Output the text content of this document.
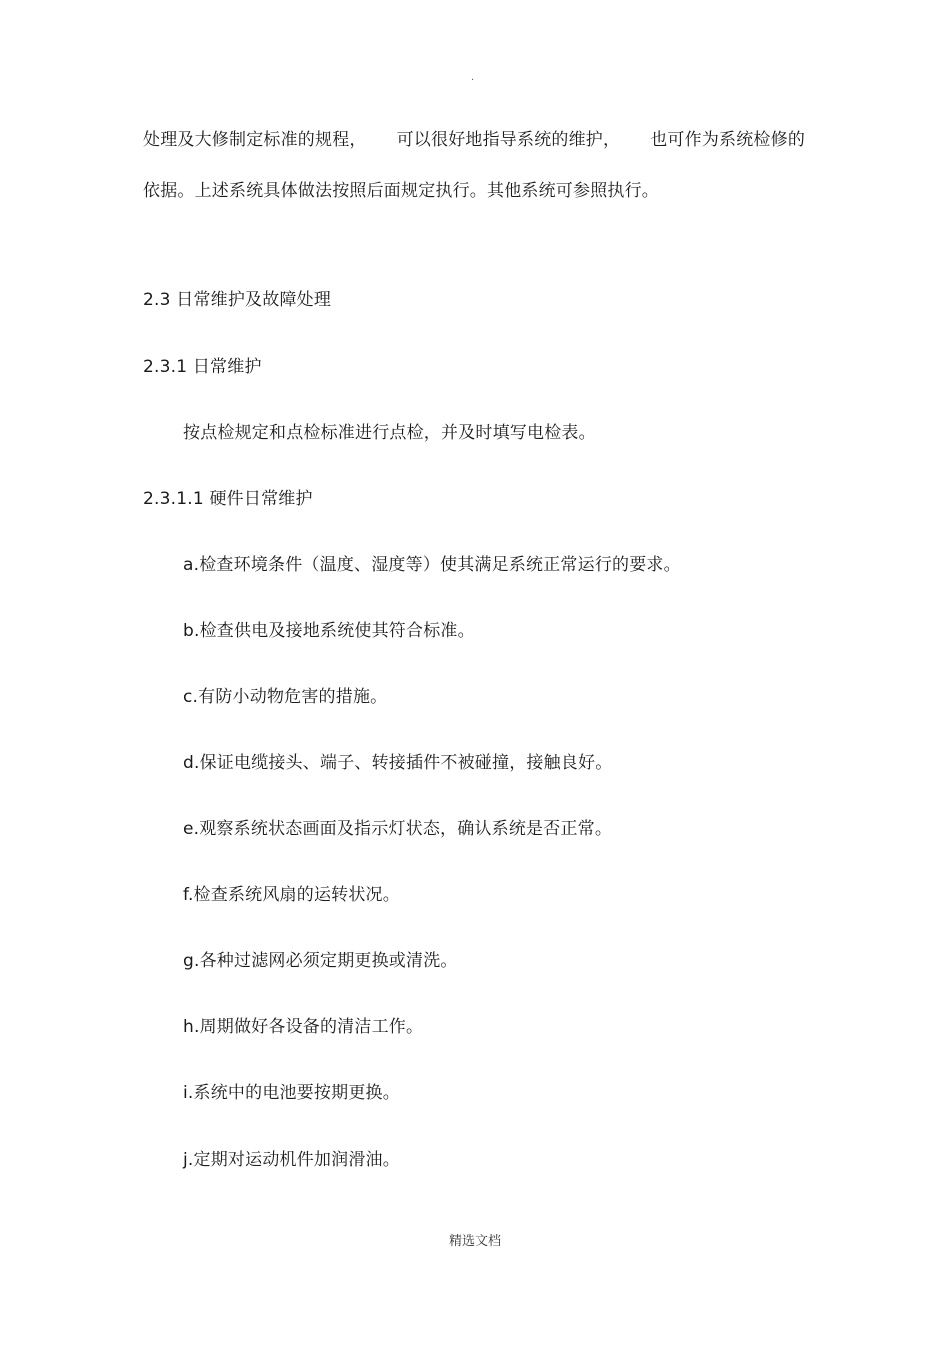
.
处理及大修制定标准的规程， 可以很好地指导系统的维护， 也可作为系统检修的
依据。上述系统具体做法按照后面规定执行。其他系统可参照执行。
2.3 日常维护及故障处理
2.3.1 日常维护
按点检规定和点检标准进行点检，并及时填写电检表。
2.3.1.1 硬件日常维护
a.检查环境条件（温度、湿度等）使其满足系统正常运行的要求。
b.检查供电及接地系统使其符合标准。
c.有防小动物危害的措施。
d.保证电缆接头、端子、转接插件不被碰撞，接触良好。
e.观察系统状态画面及指示灯状态，确认系统是否正常。
f.检查系统风扇的运转状况。
g.各种过滤网必须定期更换或清洗。
h.周期做好各设备的清洁工作。
i.系统中的电池要按期更换。
j.定期对运动机件加润滑油。
精选文档
